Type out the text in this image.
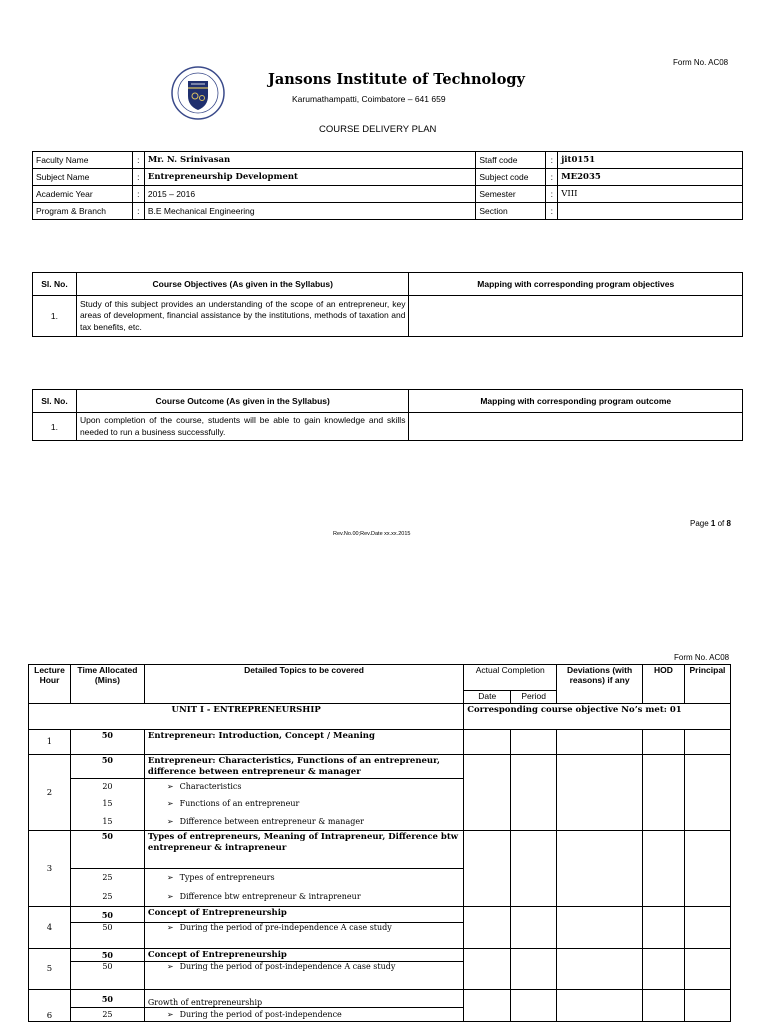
Form No. AC08
Jansons Institute of Technology
Karumathampatti, Coimbatore – 641 659
COURSE DELIVERY PLAN
Faculty Name	:	Mr. N. Srinivasan	Staff code	:	jit0151
Subject Name	:	Entrepreneurship Development	Subject code	:	ME2035
Academic Year	:	2015 – 2016	Semester	:	VIII
Program & Branch	:	B.E Mechanical Engineering	Section	:	
Sl. No.	Course Objectives (As given in the Syllabus)	Mapping with corresponding program objectives
1.	Study of this subject provides an understanding of the scope of an entrepreneur, key areas of development, financial assistance by the institutions, methods of taxation and tax benefits, etc.	
Sl. No.	Course Outcome (As given in the Syllabus)	Mapping with corresponding program outcome
1.	Upon completion of the course, students will be able to gain knowledge and skills needed to run a business successfully.	
Rev.No.00;Rev.Date xx.xx.2015
Page 1 of 8
Form No. AC08
Lecture Hour	Time Allocated (Mins)	Detailed Topics to be covered	Actual Completion		Deviations (with reasons) if any	HOD	Principal
			Date	Period			
UNIT I - ENTREPRENEURSHIP			Corresponding course objective No’s met: 01				
1	50	Entrepreneur: Introduction, Concept / Meaning					
2	50	Entrepreneur: Characteristics, Functions of an entrepreneur, difference between entrepreneur & manager					
	20	➢ Characteristics					
	15	➢ Functions of an entrepreneur					
	15	➢ Difference between entrepreneur & manager					
3	50	Types of entrepreneurs, Meaning of Intrapreneur, Difference btw entrepreneur & intrapreneur					
	25	➢ Types of entrepreneurs					
	25	➢ Difference btw entrepreneur & intrapreneur					
4	50	Concept of Entrepreneurship					
	50	➢ During the period of pre-independence A case study					
5	50	Concept of Entrepreneurship					
	50	➢ During the period of post-independence A case study					
6	50	Growth of entrepreneurship					
	25	➢ During the period of post-independence					
